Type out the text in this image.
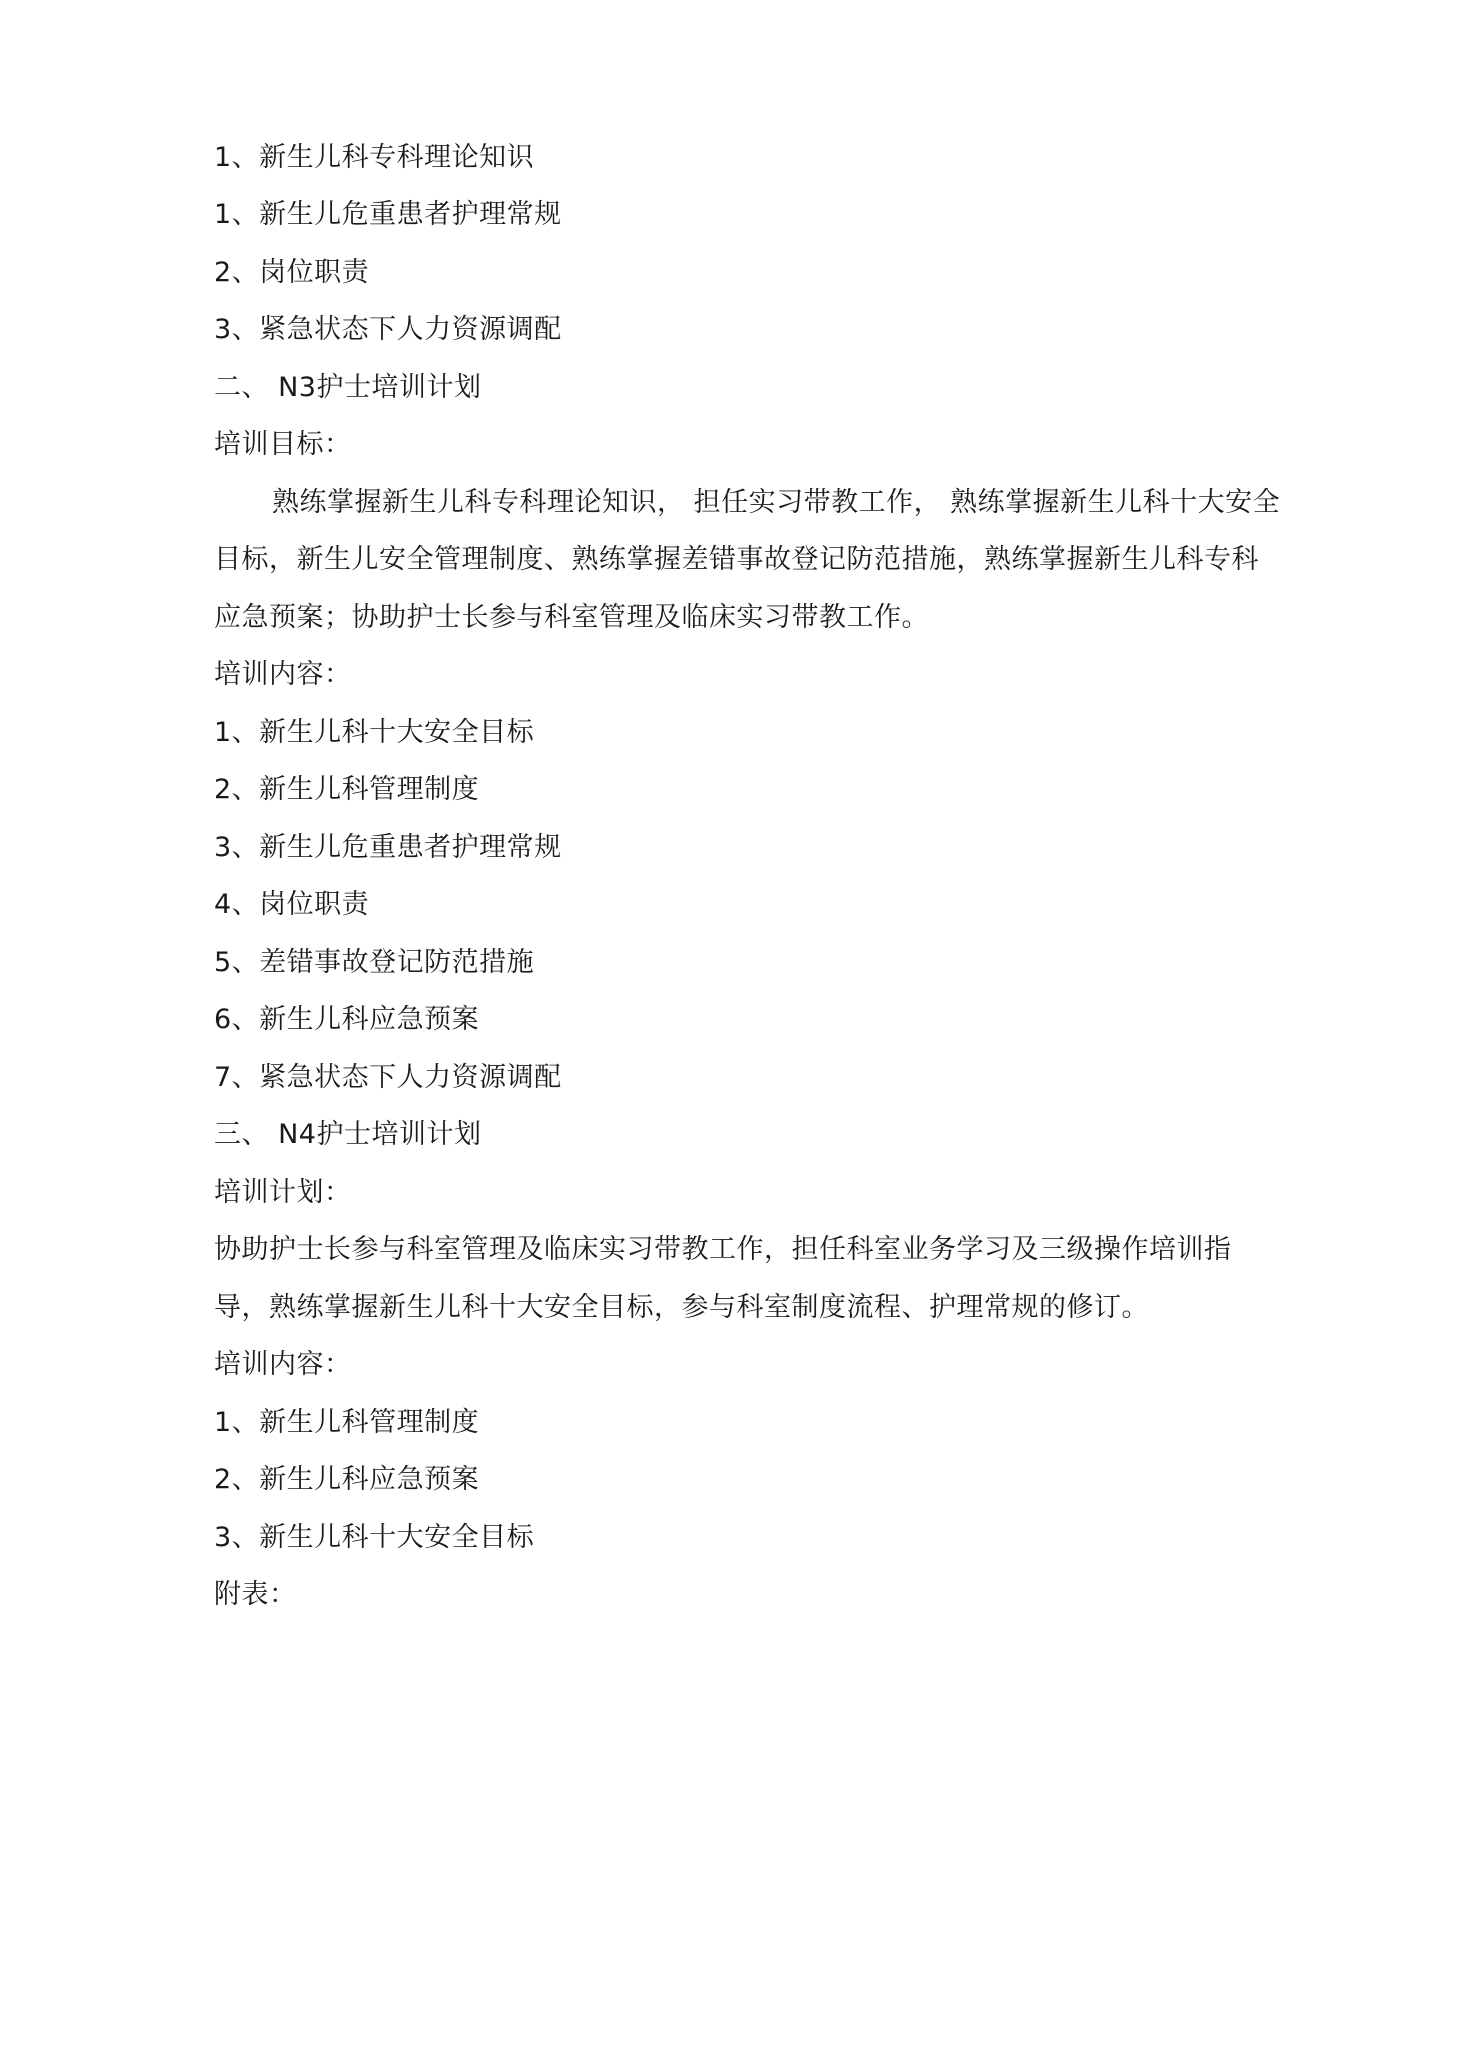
1、新生儿科专科理论知识
1、新生儿危重患者护理常规
2、岗位职责
3、紧急状态下人力资源调配
二、 N3护士培训计划
培训目标：
熟练掌握新生儿科专科理论知识， 担任实习带教工作， 熟练掌握新生儿科十大安全
目标，新生儿安全管理制度、熟练掌握差错事故登记防范措施，熟练掌握新生儿科专科
应急预案；协助护士长参与科室管理及临床实习带教工作。
培训内容：
1、新生儿科十大安全目标
2、新生儿科管理制度
3、新生儿危重患者护理常规
4、岗位职责
5、差错事故登记防范措施
6、新生儿科应急预案
7、紧急状态下人力资源调配
三、 N4护士培训计划
培训计划：
协助护士长参与科室管理及临床实习带教工作，担任科室业务学习及三级操作培训指
导，熟练掌握新生儿科十大安全目标，参与科室制度流程、护理常规的修订。
培训内容：
1、新生儿科管理制度
2、新生儿科应急预案
3、新生儿科十大安全目标
附表：
